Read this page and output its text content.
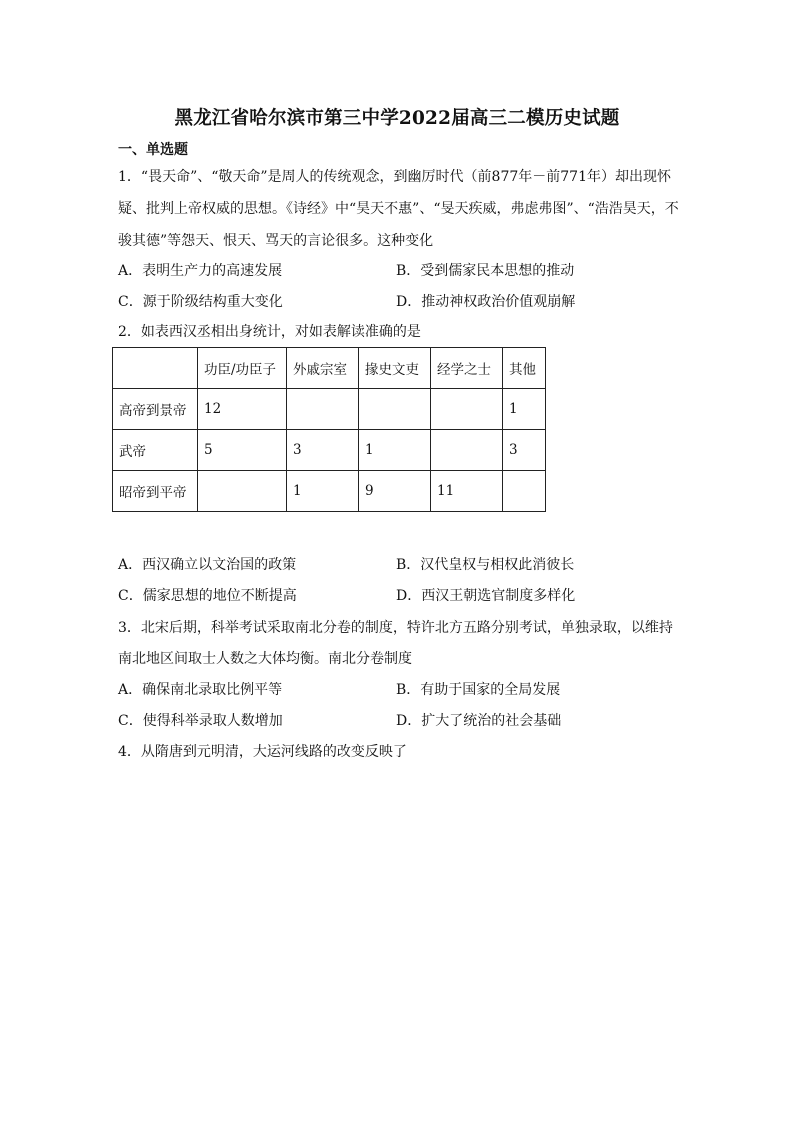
黑龙江省哈尔滨市第三中学2022届高三二模历史试题
一、单选题
1．“畏天命”、“敬天命”是周人的传统观念，到幽厉时代（前877年－前771年）却出现怀
疑、批判上帝权威的思想。《诗经》中“昊天不惠”、“旻天疾威，弗虑弗图”、“浩浩昊天，不
骏其德”等怨天、恨天、骂天的言论很多。这种变化
A．表明生产力的高速发展	B．受到儒家民本思想的推动
C．源于阶级结构重大变化	D．推动神权政治价值观崩解
2．如表西汉丞相出身统计，对如表解读准确的是
	功臣/功臣子	外戚宗室	掾史文吏	经学之士	其他
高帝到景帝	12				1
武帝	5	3	1		3
昭帝到平帝		1	9	11	
A．西汉确立以文治国的政策	B．汉代皇权与相权此消彼长
C．儒家思想的地位不断提高	D．西汉王朝选官制度多样化
3．北宋后期，科举考试采取南北分卷的制度，特许北方五路分别考试，单独录取，以维持
南北地区间取士人数之大体均衡。南北分卷制度
A．确保南北录取比例平等	B．有助于国家的全局发展
C．使得科举录取人数增加	D．扩大了统治的社会基础
4．从隋唐到元明清，大运河线路的改变反映了
